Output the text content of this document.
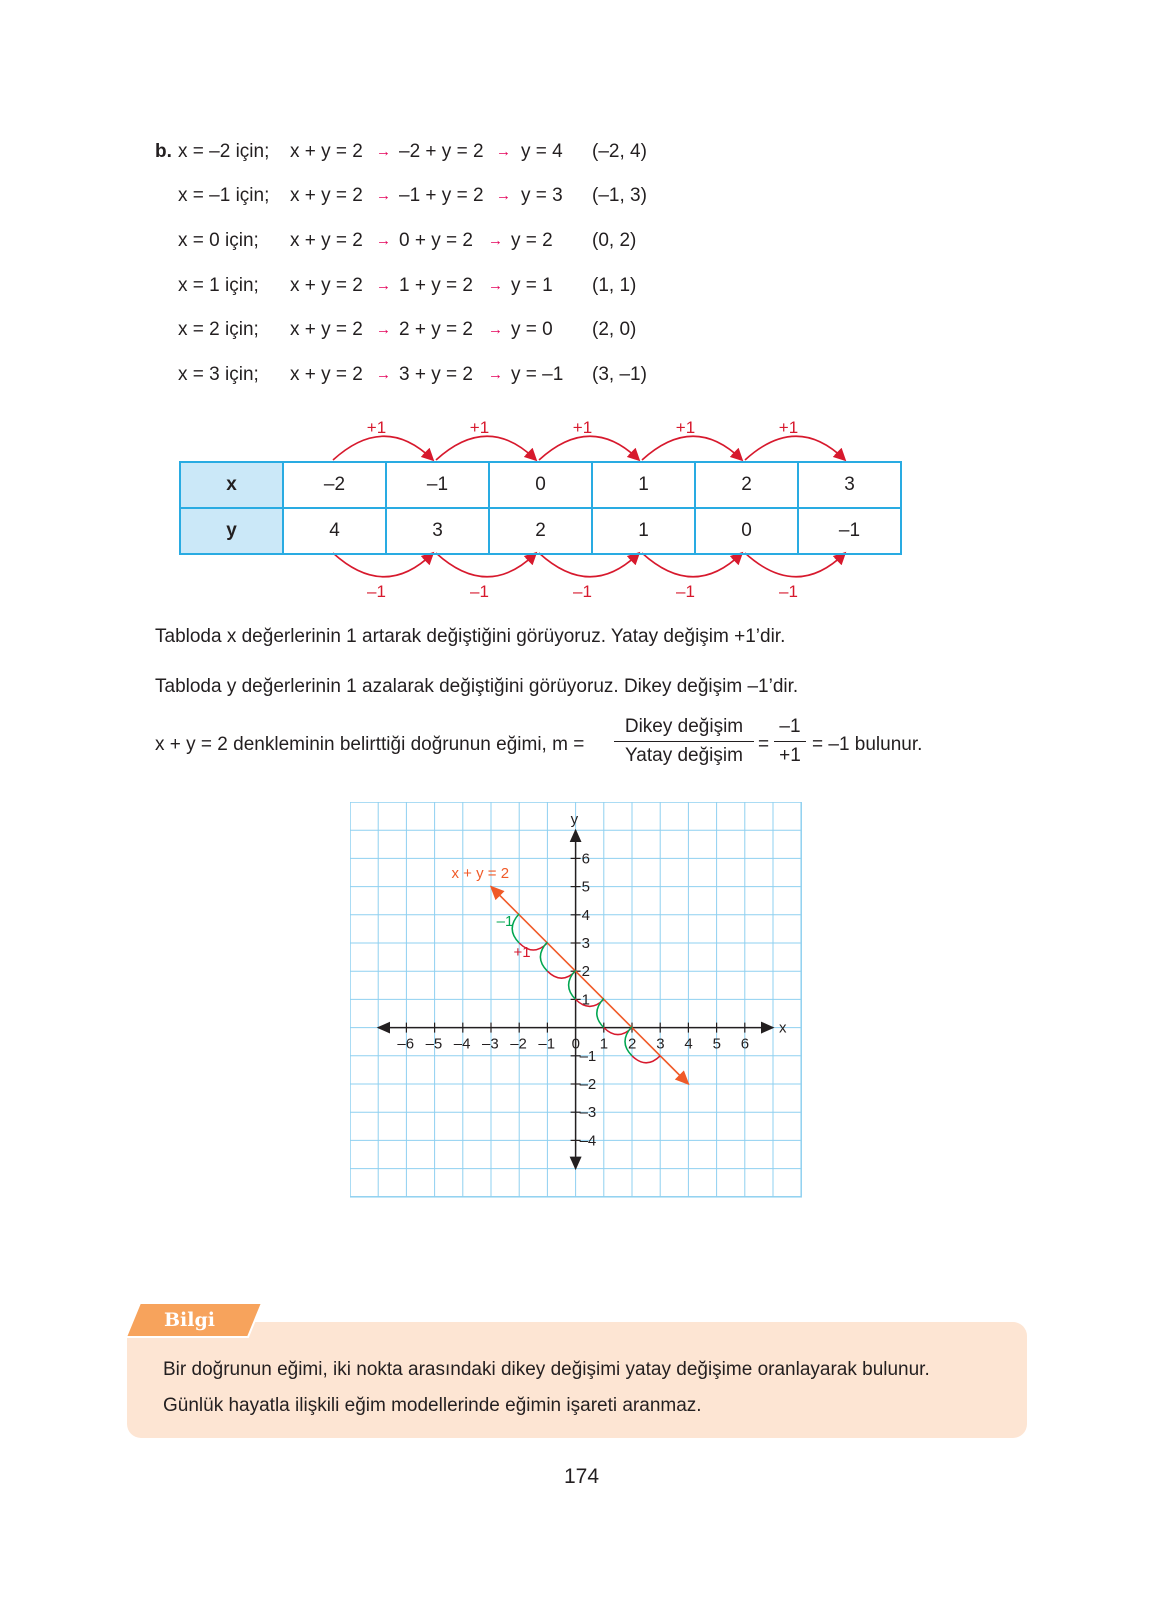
b. x = –2 için; x + y = 2 → –2 + y = 2 → y = 4 (–2, 4)
x = –1 için; x + y = 2 → –1 + y = 2 → y = 3 (–1, 3)
x = 0 için; x + y = 2 → 0 + y = 2 → y = 2 (0, 2)
x = 1 için; x + y = 2 → 1 + y = 2 → y = 1 (1, 1)
x = 2 için; x + y = 2 → 2 + y = 2 → y = 0 (2, 0)
x = 3 için; x + y = 2 → 3 + y = 2 → y = –1 (3, –1)
+1	+1	+1	+1	+1
–1	–1	–1	–1	–1
x	–2	–1	0	1	2	3
y	4	3	2	1	0	–1
Tabloda x değerlerinin 1 artarak değiştiğini görüyoruz. Yatay değişim +1’dir.
Tabloda y değerlerinin 1 azalarak değiştiğini görüyoruz. Dikey değişim –1’dir.
x + y = 2 denkleminin belirttiği doğrunun eğimi, m =
Dikey değişim
Yatay değişim
= $\frac{-1}{+1} = -1$ bulunur.
x
y
–6 –5 –4 –3 –2 –1 0 1 2 3 4 5 6
1
2
3
4
5
6
–1
–2
–3
–4
x + y = 2
–1
+1
Bilgi
Bir doğrunun eğimi, iki nokta arasındaki dikey değişimi yatay değişime oranlayarak bulunur.
Günlük hayatla ilişkili eğim modellerinde eğimin işareti aranmaz.
174
